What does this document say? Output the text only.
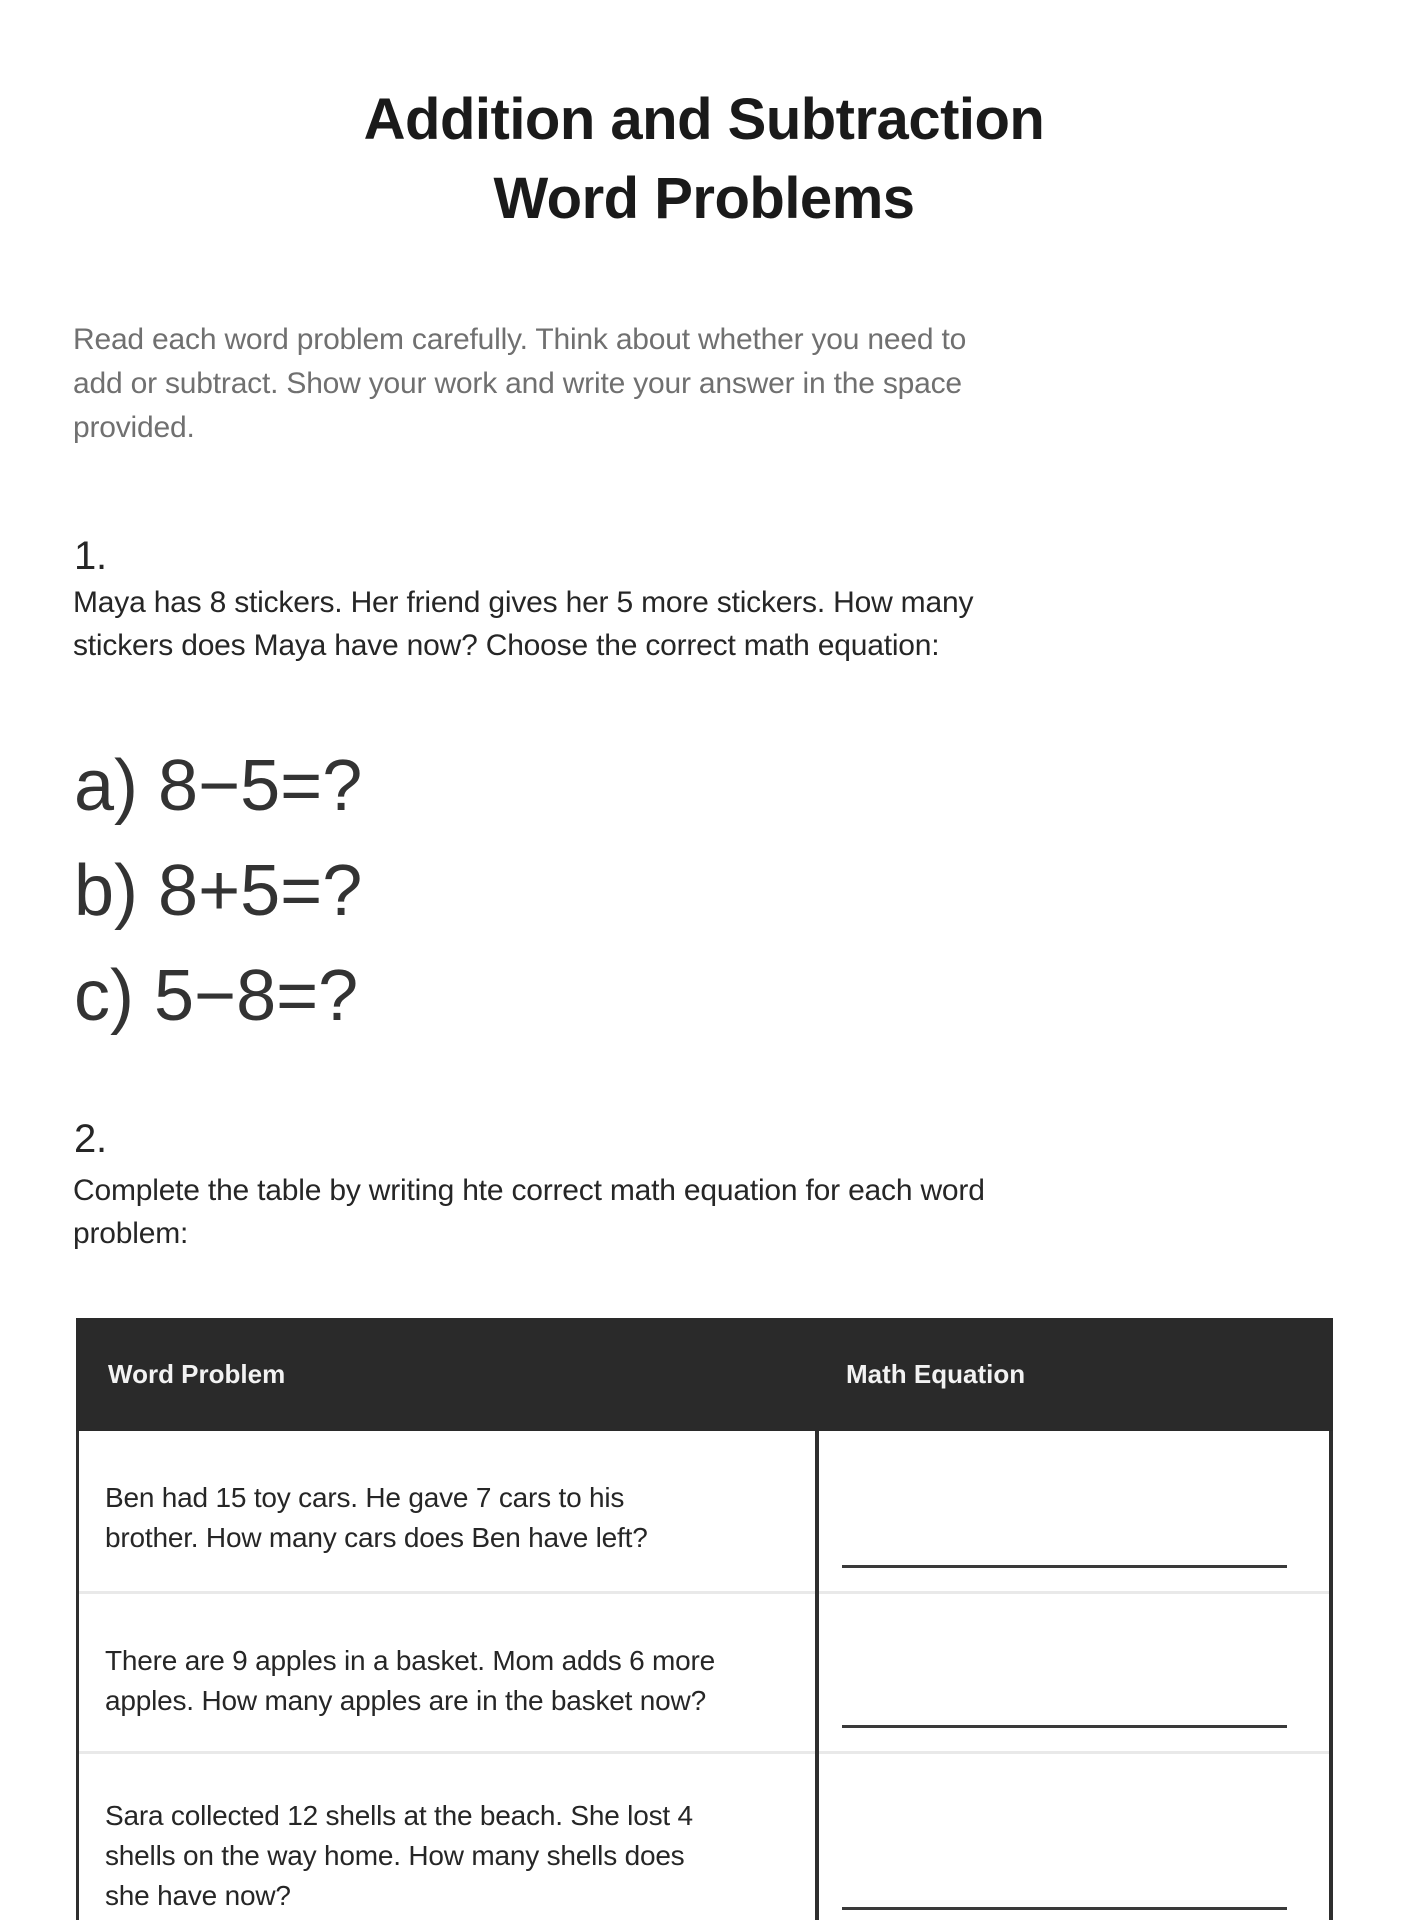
Addition and Subtraction
Word Problems
Read each word problem carefully. Think about whether you need to
add or subtract. Show your work and write your answer in the space
provided.
1.
Maya has 8 stickers. Her friend gives her 5 more stickers. How many
stickers does Maya have now? Choose the correct math equation:
a) 8−5=?
b) 8+5=?
c) 5−8=?
2.
Complete the table by writing hte correct math equation for each word
problem:
Word Problem	Math Equation
Ben had 15 toy cars. He gave 7 cars to his
brother. How many cars does Ben have left?
There are 9 apples in a basket. Mom adds 6 more
apples. How many apples are in the basket now?
Sara collected 12 shells at the beach. She lost 4
shells on the way home. How many shells does
she have now?
